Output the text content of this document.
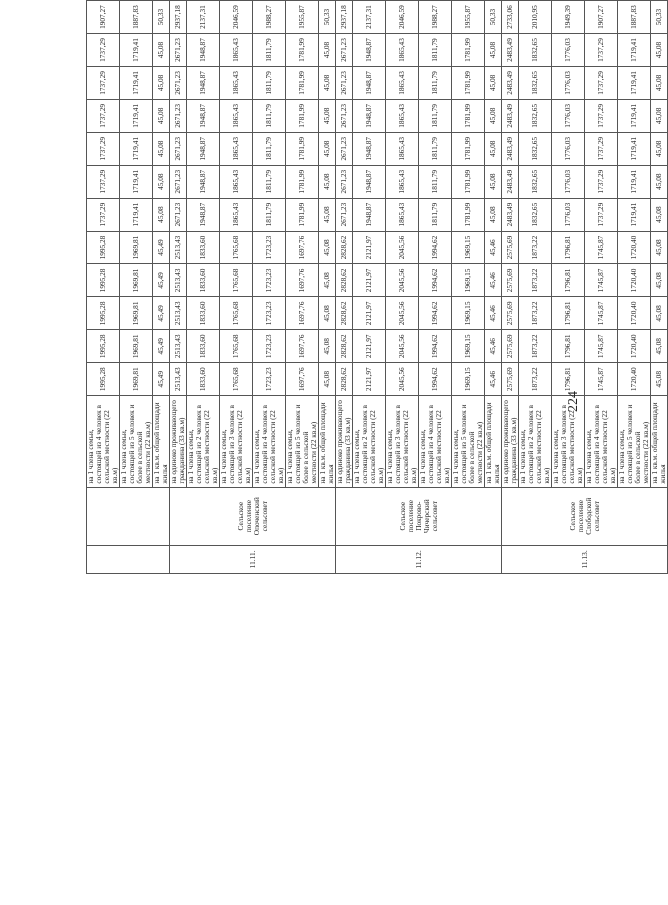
		на 1 члена семьи, состоящей из 4 человек в сельской местности (22 кв.м)	1995,28	1995,28	1995,28	1995,28	1995,28	1737,29	1737,29	1737,29	1737,29	1737,29	1737,29	1907,27
		на 1 члена семьи, состоящей из 5 человек и более в сельской местности (22 кв.м)	1969,81	1969,81	1969,81	1969,81	1969,81	1719,41	1719,41	1719,41	1719,41	1719,41	1719,41	1887,83
		на 1 кв.м. общей площади жилья	45,49	45,49	45,49	45,49	45,49	45,08	45,08	45,08	45,08	45,08	45,08	50,33
11.11.	Сельское поселение Опоченский сельсовет	на одиноко проживающего гражданина (33 кв.м)	2513,43	2513,43	2513,43	2513,43	2513,43	2671,23	2671,23	2671,23	2671,23	2671,23	2671,23	2937,18
		на 1 члена семьи, состоящей из 2 человек в сельской местности (22 кв.м)	1833,60	1833,60	1833,60	1833,60	1833,60	1948,87	1948,87	1948,87	1948,87	1948,87	1948,87	2137,31
		на 1 члена семьи, состоящей из 3 человек в сельской местности (22 кв.м)	1765,68	1765,68	1765,68	1765,68	1765,68	1865,43	1865,43	1865,43	1865,43	1865,43	1865,43	2046,59
		на 1 члена семьи, состоящей из 4 человек в сельской местности (22 кв.м)	1723,23	1723,23	1723,23	1723,23	1723,23	1811,79	1811,79	1811,79	1811,79	1811,79	1811,79	1988,27
		на 1 члена семьи, состоящей из 5 человек и более в сельской местности (22 кв.м)	1697,76	1697,76	1697,76	1697,76	1697,76	1781,99	1781,99	1781,99	1781,99	1781,99	1781,99	1955,87
		на 1 кв.м. общей площади жилья	45,08	45,08	45,08	45,08	45,08	45,08	45,08	45,08	45,08	45,08	45,08	50,33
11.12.	Сельское поселение Покрово-Чичерский сельсовет	на одиноко проживающего гражданина (33 кв.м)	2828,62	2828,62	2828,62	2828,62	2828,62	2671,23	2671,23	2671,23	2671,23	2671,23	2671,23	2937,18
		на 1 члена семьи, состоящей из 2 человек в сельской местности (22 кв.м)	2121,97	2121,97	2121,97	2121,97	2121,97	1948,87	1948,87	1948,87	1948,87	1948,87	1948,87	2137,31
		на 1 члена семьи, состоящей из 3 человек в сельской местности (22 кв.м)	2045,56	2045,56	2045,56	2045,56	2045,56	1865,43	1865,43	1865,43	1865,43	1865,43	1865,43	2046,59
		на 1 члена семьи, состоящей из 4 человек в сельской местности (22 кв.м)	1994,62	1994,62	1994,62	1994,62	1994,62	1811,79	1811,79	1811,79	1811,79	1811,79	1811,79	1988,27
		на 1 члена семьи, состоящей из 5 человек и более в сельской местности (22 кв.м)	1969,15	1969,15	1969,15	1969,15	1969,15	1781,99	1781,99	1781,99	1781,99	1781,99	1781,99	1955,87
		на 1 кв.м. общей площади жилья	45,46	45,46	45,46	45,46	45,46	45,08	45,08	45,08	45,08	45,08	45,08	50,33
11.13.	Сельское поселение Слободской сельсовет	на одиноко проживающего гражданина (33 кв.м)	2575,69	2575,69	2575,69	2575,69	2575,69	2483,49	2483,49	2483,49	2483,49	2483,49	2483,49	2733,06
		на 1 члена семьи, состоящей из 2 человек в сельской местности (22 кв.м)	1873,22	1873,22	1873,22	1873,22	1873,22	1832,65	1832,65	1832,65	1832,65	1832,65	1832,65	2010,95
		на 1 члена семьи, состоящей из 3 человек в сельской местности (22 кв.м)	1796,81	1796,81	1796,81	1796,81	1796,81	1776,03	1776,03	1776,03	1776,03	1776,03	1776,03	1949,39
		на 1 члена семьи, состоящей из 4 человек в сельской местности (22 кв.м)	1745,87	1745,87	1745,87	1745,87	1745,87	1737,29	1737,29	1737,29	1737,29	1737,29	1737,29	1907,27
		на 1 члена семьи, состоящей из 5 человек и более в сельской местности (22 кв.м)	1720,40	1720,40	1720,40	1720,40	1720,40	1719,41	1719,41	1719,41	1719,41	1719,41	1719,41	1887,83
		на 1 кв.м. общей площади жилья	45,08	45,08	45,08	45,08	45,08	45,08	45,08	45,08	45,08	45,08	45,08	50,33
224
